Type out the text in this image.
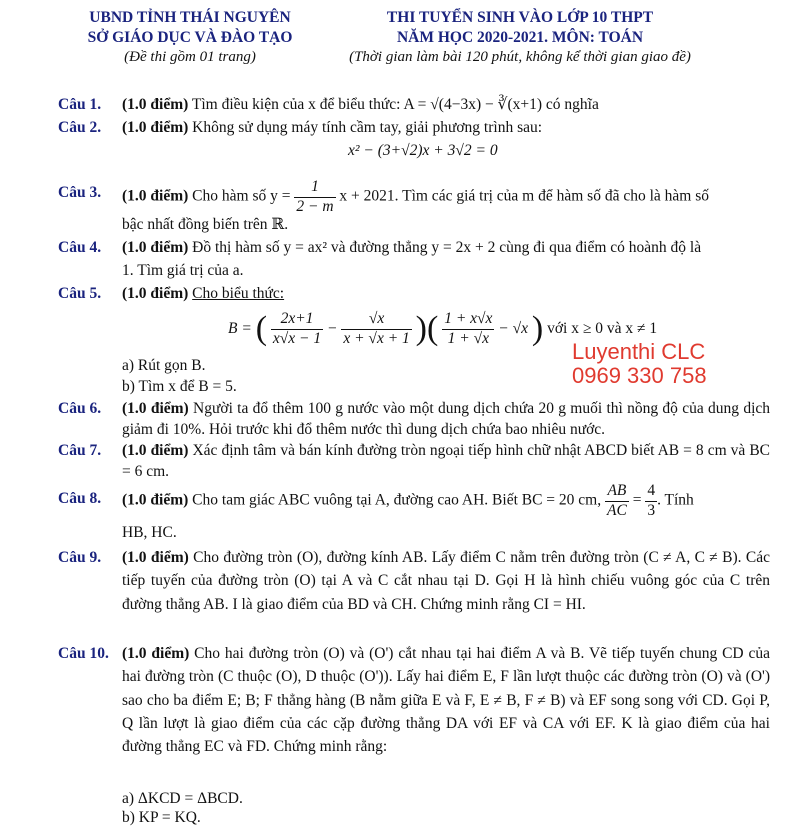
UBND TỈNH THÁI NGUYÊN
SỞ GIÁO DỤC VÀ ĐÀO TẠO
(Đề thi gồm 01 trang)
THI TUYỂN SINH VÀO LỚP 10 THPT
NĂM HỌC 2020-2021. MÔN: TOÁN
(Thời gian làm bài 120 phút, không kể thời gian giao đề)
Luyenthi CLC
0969 330 758
Câu 1. (1.0 điểm) Tìm điều kiện của x để biểu thức: A = √(4−3x) − ∛(x+1) có nghĩa
Câu 2. (1.0 điểm) Không sử dụng máy tính cầm tay, giải phương trình sau:
x² − (3+√2)x + 3√2 = 0
Câu 3. (1.0 điểm) Cho hàm số $y = \frac{1}{2 - m}$ x + 2021. Tìm các giá trị của m để hàm số đã cho là hàm số
bậc nhất đồng biến trên ℝ.
Câu 4. (1.0 điểm) Đồ thị hàm số y = ax² và đường thẳng y = 2x + 2 cùng đi qua điểm có hoành độ là
1. Tìm giá trị của a.
Câu 5. (1.0 điểm) Cho biểu thức:
B = ( $\frac{2x+1}{x√x - 1} - \frac{√x}{x + √x + 1}$ )( $\frac{1 + x√x}{1 + √x} - √x$ ) với x ≥ 0 và x ≠ 1
a) Rút gọn B.
b) Tìm x để B = 5.
Câu 6. (1.0 điểm) Người ta đổ thêm 100 g nước vào một dung dịch chứa 20 g muối thì nồng độ của dung dịch giảm đi 10%. Hỏi trước khi đổ thêm nước thì dung dịch chứa bao nhiêu nước.
Câu 7. (1.0 điểm) Xác định tâm và bán kính đường tròn ngoại tiếp hình chữ nhật ABCD biết AB = 8 cm và BC = 6 cm.
Câu 8. (1.0 điểm) Cho tam giác ABC vuông tại A, đường cao AH. Biết BC = 20 cm, $\frac{AB}{AC} = \frac{4}{3}$ . Tính
HB, HC.
Câu 9. (1.0 điểm) Cho đường tròn (O), đường kính AB. Lấy điểm C nằm trên đường tròn (C ≠ A, C ≠ B). Các tiếp tuyến của đường tròn (O) tại A và C cắt nhau tại D. Gọi H là hình chiếu vuông góc của C trên đường thẳng AB. I là giao điểm của BD và CH. Chứng minh rằng CI = HI.
Câu 10. (1.0 điểm) Cho hai đường tròn (O) và (O') cắt nhau tại hai điểm A và B. Vẽ tiếp tuyến chung CD của hai đường tròn (C thuộc (O), D thuộc (O')). Lấy hai điểm E, F lần lượt thuộc các đường tròn (O) và (O') sao cho ba điểm E; B; F thẳng hàng (B nằm giữa E và F, E ≠ B, F ≠ B) và EF song song với CD. Gọi P, Q lần lượt là giao điểm của các cặp đường thẳng DA với EF và CA với EF. K là giao điểm của hai đường thẳng EC và FD. Chứng minh rằng:
a) ΔKCD = ΔBCD.
b) KP = KQ.
